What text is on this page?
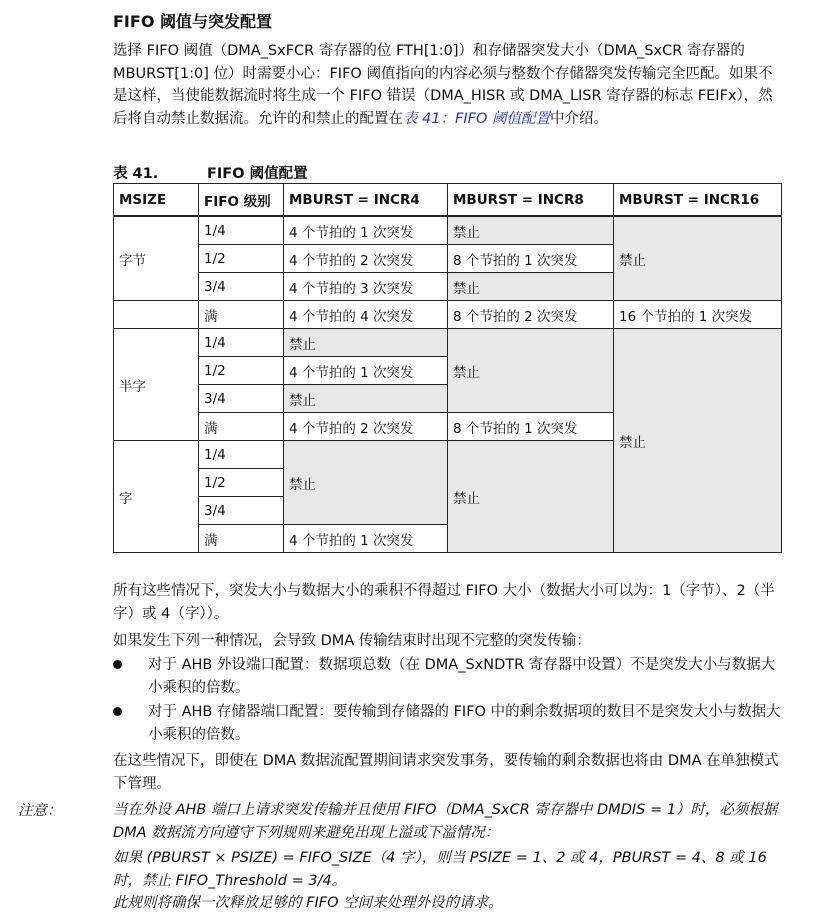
FIFO 阈值与突发配置
选择 FIFO 阈值（DMA_SxFCR 寄存器的位 FTH[1:0]）和存储器突发大小（DMA_SxCR 寄存器的 MBURST[1:0] 位）时需要小心：FIFO 阈值指向的内容必须与整数个存储器突发传输完全匹配。如果不是这样，当使能数据流时将生成一个 FIFO 错误（DMA_HISR 或 DMA_LISR 寄存器的标志 FEIFx），然后将自动禁止数据流。允许的和禁止的配置在表 41：FIFO 阈值配置中介绍。
表 41.	FIFO 阈值配置
MSIZE	FIFO 级别	MBURST = INCR4	MBURST = INCR8	MBURST = INCR16
字节	1/4	4 个节拍的 1 次突发	禁止	禁止
	1/2	4 个节拍的 2 次突发	8 个节拍的 1 次突发	
	3/4	4 个节拍的 3 次突发	禁止	
	满	4 个节拍的 4 次突发	8 个节拍的 2 次突发	16 个节拍的 1 次突发
半字	1/4	禁止	禁止	禁止
	1/2	4 个节拍的 1 次突发		
	3/4	禁止		
	满	4 个节拍的 2 次突发	8 个节拍的 1 次突发	
字	1/4	禁止	禁止	
	1/2			
	3/4			
	满	4 个节拍的 1 次突发		
所有这些情况下，突发大小与数据大小的乘积不得超过 FIFO 大小（数据大小可以为：1（字节）、2（半字）或 4（字））。
如果发生下列一种情况，会导致 DMA 传输结束时出现不完整的突发传输：
对于 AHB 外设端口配置：数据项总数（在 DMA_SxNDTR 寄存器中设置）不是突发大小与数据大小乘积的倍数。
对于 AHB 存储器端口配置：要传输到存储器的 FIFO 中的剩余数据项的数目不是突发大小与数据大小乘积的倍数。
在这些情况下，即使在 DMA 数据流配置期间请求突发事务，要传输的剩余数据也将由 DMA 在单独模式下管理。
注意：	当在外设 AHB 端口上请求突发传输并且使用 FIFO（DMA_SxCR 寄存器中 DMDIS = 1）时，必须根据 DMA 数据流方向遵守下列规则来避免出现上溢或下溢情况：
如果 (PBURST × PSIZE) = FIFO_SIZE（4 字），则当 PSIZE = 1、2 或 4，PBURST = 4、8 或 16 时，禁止 FIFO_Threshold = 3/4。
此规则将确保一次释放足够的 FIFO 空间来处理外设的请求。
